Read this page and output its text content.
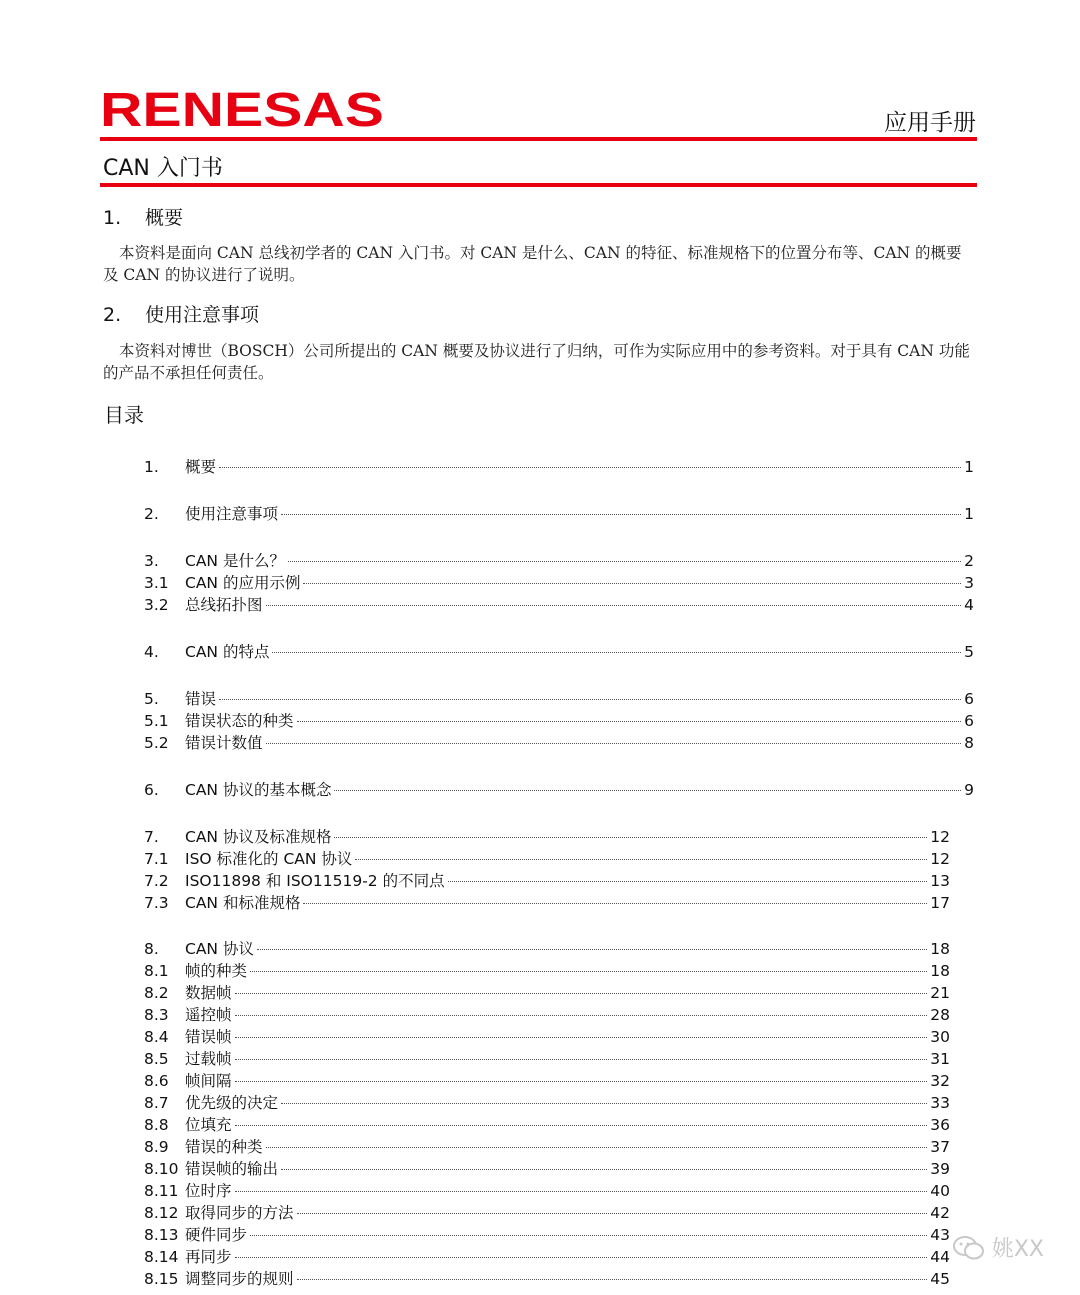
RENESAS	应用手册
CAN 入门书
1. 概要
本资料是面向 CAN 总线初学者的 CAN 入门书。对 CAN 是什么、CAN 的特征、标准规格下的位置分布等、CAN 的概要及 CAN 的协议进行了说明。
2. 使用注意事项
本资料对博世（BOSCH）公司所提出的 CAN 概要及协议进行了归纳，可作为实际应用中的参考资料。对于具有 CAN 功能的产品不承担任何责任。
目录
1.	概要	1
2.	使用注意事项	1
3.	CAN 是什么？	2
3.1	CAN 的应用示例	3
3.2	总线拓扑图	4
4.	CAN 的特点	5
5.	错误	6
5.1	错误状态的种类	6
5.2	错误计数值	8
6.	CAN 协议的基本概念	9
7.	CAN 协议及标准规格	12
7.1	ISO 标准化的 CAN 协议	12
7.2	ISO11898 和 ISO11519-2 的不同点	13
7.3	CAN 和标准规格	17
8.	CAN 协议	18
8.1	帧的种类	18
8.2	数据帧	21
8.3	遥控帧	28
8.4	错误帧	30
8.5	过载帧	31
8.6	帧间隔	32
8.7	优先级的决定	33
8.8	位填充	36
8.9	错误的种类	37
8.10 错误帧的输出	39
8.11 位时序	40
8.12 取得同步的方法	42
8.13 硬件同步	43
8.14 再同步	44
8.15 调整同步的规则	45
姚XX
